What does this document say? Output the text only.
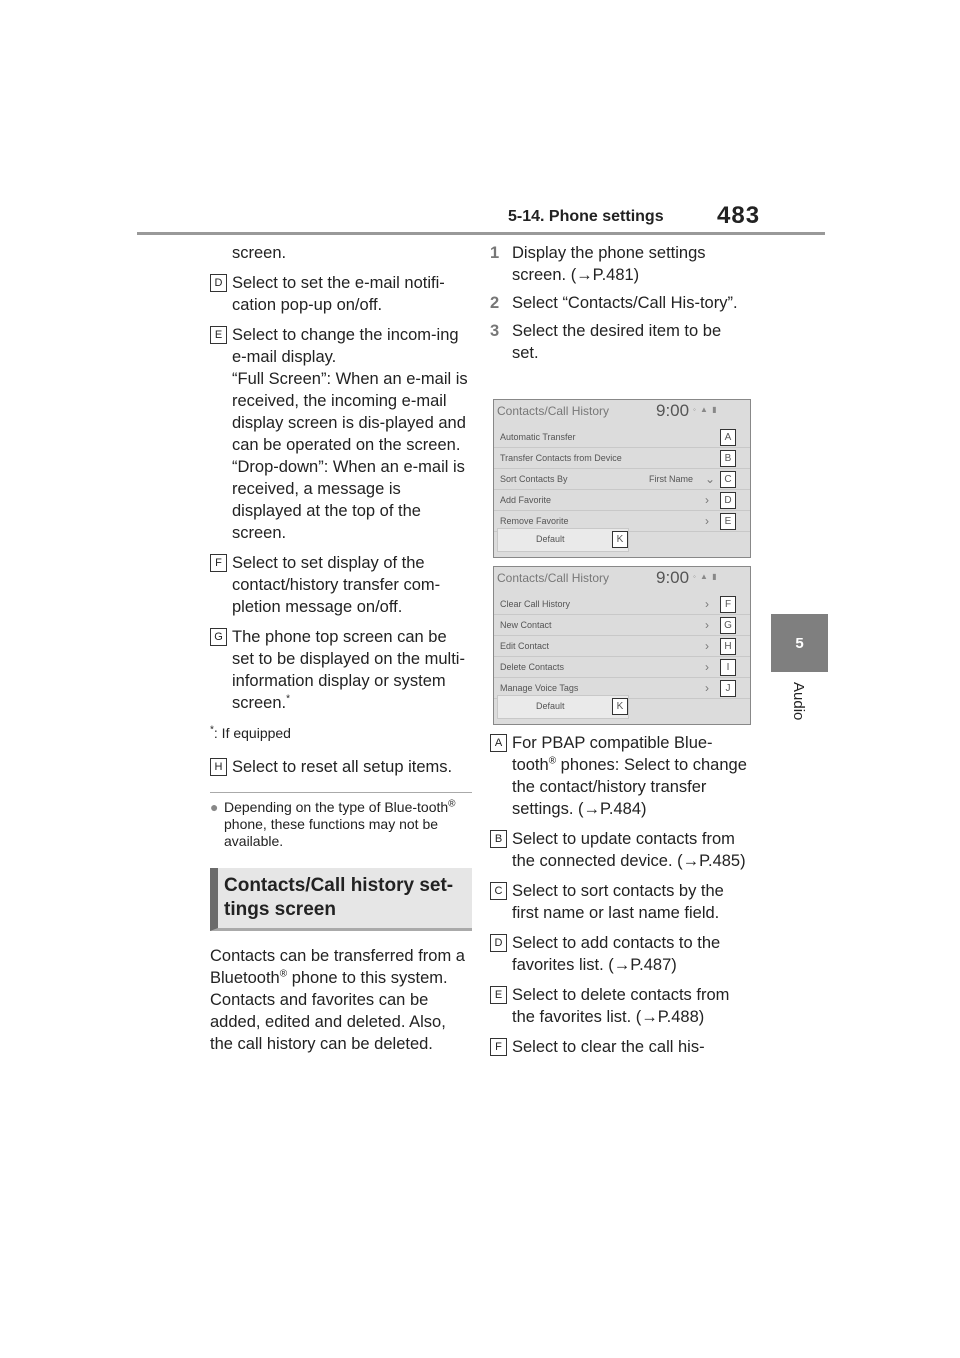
5-14. Phone settings 483
5
Audio
screen.
D Select to set the e-mail notifi-cation pop-up on/off.
E Select to change the incom-ing e-mail display.
“Full Screen”: When an e-mail is received, the incoming e-mail display screen is dis-played and can be operated on the screen.
“Drop-down”: When an e-mail is received, a message is displayed at the top of the screen.
F Select to set display of the contact/history transfer com-pletion message on/off.
G The phone top screen can be set to be displayed on the multi-information display or system screen.*
*: If equipped
H Select to reset all setup items.
● Depending on the type of Blue-tooth® phone, these functions may not be available.
Contacts/Call history set-tings screen
Contacts can be transferred from a Bluetooth® phone to this system. Contacts and favorites can be added, edited and deleted. Also, the call history can be deleted.
1 Display the phone settings screen. (→P.481)
2 Select “Contacts/Call His-tory”.
3 Select the desired item to be set.
Contacts/Call History	9:00 ◦ ▲ ▮
Automatic Transfer	A
Transfer Contacts from Device	B
Sort Contacts By	First Name ⌄ C
Add Favorite	›	D
Remove Favorite	›	E
Default	K
Contacts/Call History	9:00 ◦ ▲ ▮
Clear Call History	›	F
New Contact	›	G
Edit Contact	›	H
Delete Contacts	›	I
Manage Voice Tags	›	J
Default	K
A For PBAP compatible Blue-tooth® phones: Select to change the contact/history transfer settings. (→P.484)
B Select to update contacts from the connected device. (→P.485)
C Select to sort contacts by the first name or last name field.
D Select to add contacts to the favorites list. (→P.487)
E Select to delete contacts from the favorites list. (→P.488)
F Select to clear the call his-
